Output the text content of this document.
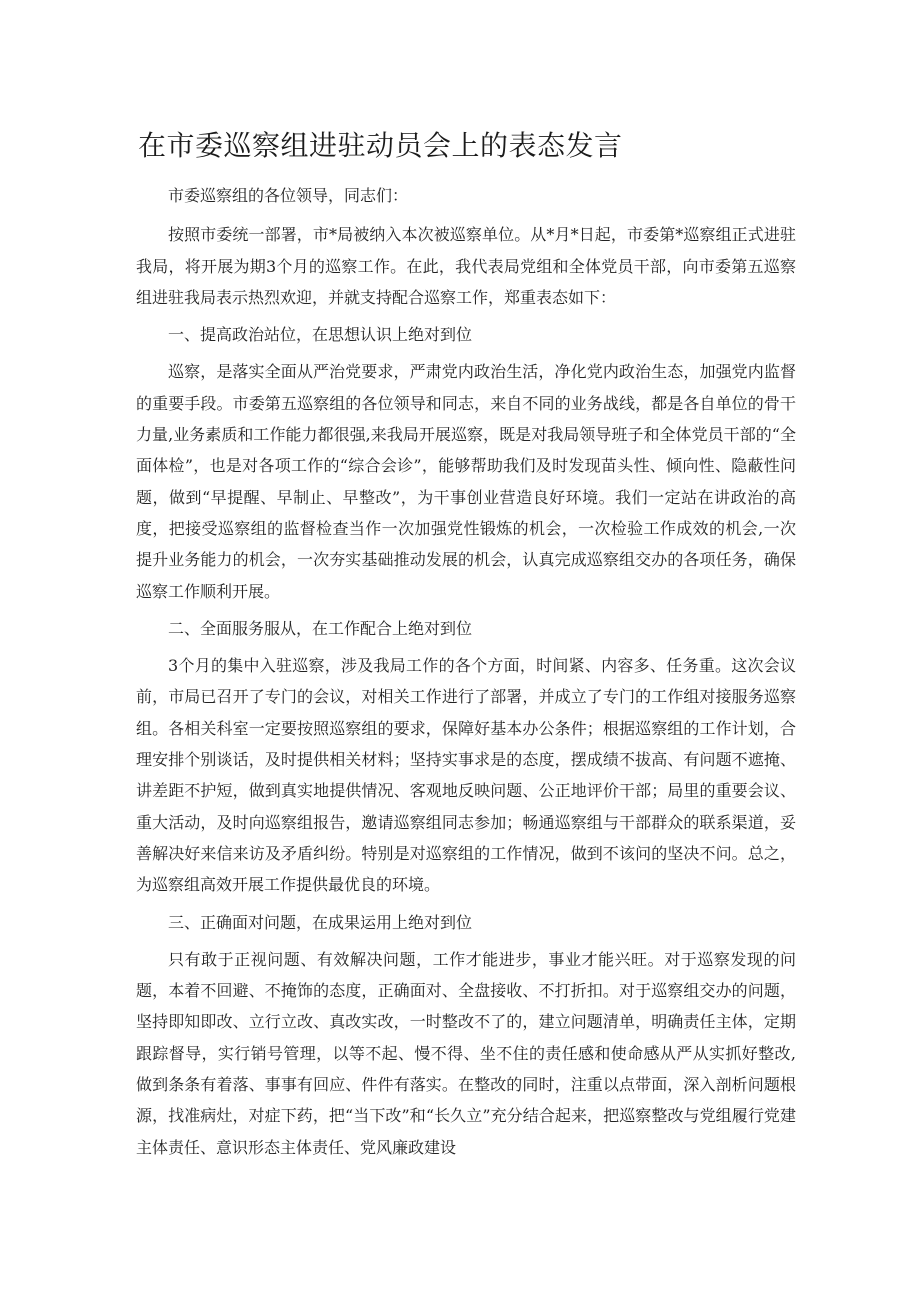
在市委巡察组进驻动员会上的表态发言

市委巡察组的各位领导，同志们：

按照市委统一部署，市*局被纳入本次被巡察单位。从*月*日起，市委第*巡察组正式进驻我局，将开展为期3个月的巡察工作。在此，我代表局党组和全体党员干部，向市委第五巡察组进驻我局表示热烈欢迎，并就支持配合巡察工作，郑重表态如下：

一、提高政治站位，在思想认识上绝对到位

巡察，是落实全面从严治党要求，严肃党内政治生活，净化党内政治生态，加强党内监督的重要手段。市委第五巡察组的各位领导和同志，来自不同的业务战线，都是各自单位的骨干力量,业务素质和工作能力都很强,来我局开展巡察，既是对我局领导班子和全体党员干部的“全面体检”，也是对各项工作的“综合会诊”，能够帮助我们及时发现苗头性、倾向性、隐蔽性问题，做到“早提醒、早制止、早整改”，为干事创业营造良好环境。我们一定站在讲政治的高度，把接受巡察组的监督检查当作一次加强党性锻炼的机会，一次检验工作成效的机会,一次提升业务能力的机会，一次夯实基础推动发展的机会，认真完成巡察组交办的各项任务，确保巡察工作顺利开展。

二、全面服务服从，在工作配合上绝对到位

3个月的集中入驻巡察，涉及我局工作的各个方面，时间紧、内容多、任务重。这次会议前，市局已召开了专门的会议，对相关工作进行了部署，并成立了专门的工作组对接服务巡察组。各相关科室一定要按照巡察组的要求，保障好基本办公条件；根据巡察组的工作计划，合理安排个别谈话，及时提供相关材料；坚持实事求是的态度，摆成绩不拔高、有问题不遮掩、讲差距不护短，做到真实地提供情况、客观地反映问题、公正地评价干部；局里的重要会议、重大活动，及时向巡察组报告，邀请巡察组同志参加；畅通巡察组与干部群众的联系渠道，妥善解决好来信来访及矛盾纠纷。特别是对巡察组的工作情况，做到不该问的坚决不问。总之，为巡察组高效开展工作提供最优良的环境。

三、正确面对问题，在成果运用上绝对到位

只有敢于正视问题、有效解决问题，工作才能进步，事业才能兴旺。对于巡察发现的问题，本着不回避、不掩饰的态度，正确面对、全盘接收、不打折扣。对于巡察组交办的问题，坚持即知即改、立行立改、真改实改，一时整改不了的，建立问题清单，明确责任主体，定期跟踪督导，实行销号管理，以等不起、慢不得、坐不住的责任感和使命感从严从实抓好整改,做到条条有着落、事事有回应、件件有落实。在整改的同时，注重以点带面，深入剖析问题根源，找准病灶，对症下药，把“当下改”和“长久立”充分结合起来，把巡察整改与党组履行党建主体责任、意识形态主体责任、党风廉政建设
